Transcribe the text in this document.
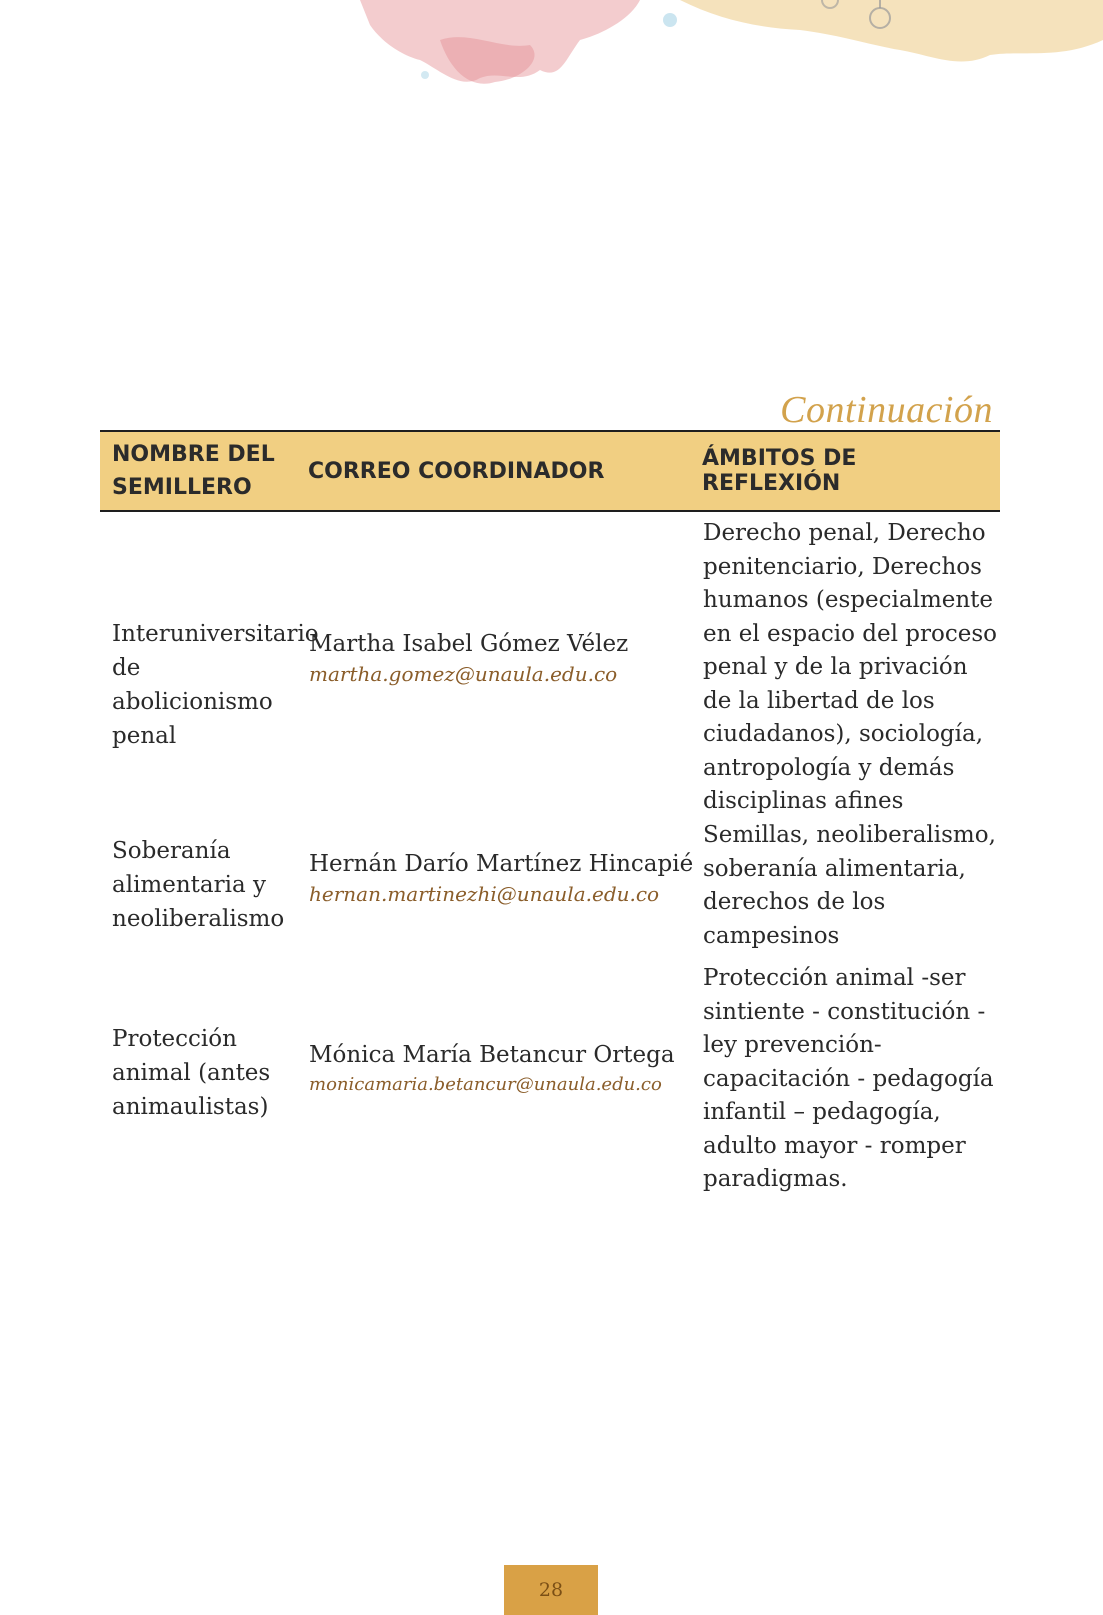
Continuación
NOMBRE DEL SEMILLERO
CORREO COORDINADOR	ÁMBITOS DE REFLEXIÓN
Interuniversitario de abolicionismo penal
Martha Isabel Gómez Vélez
martha.gomez@unaula.edu.co
Derecho penal, Derecho penitenciario, Derechos humanos (especialmente en el espacio del proceso penal y de la privación de la libertad de los ciudadanos), sociología, antropología y demás disciplinas afines
Soberanía alimentaria y neoliberalismo
Hernán Darío Martínez Hincapié
hernan.martinezhi@unaula.edu.co
Semillas, neoliberalismo, soberanía alimentaria, derechos de los campesinos
Protección animal (antes animaulistas)
Mónica María Betancur Ortega
monicamaria.betancur@unaula.edu.co
Protección animal -ser sintiente - constitución - ley prevención-capacitación - pedagogía infantil – pedagogía, adulto mayor - romper paradigmas.
28
